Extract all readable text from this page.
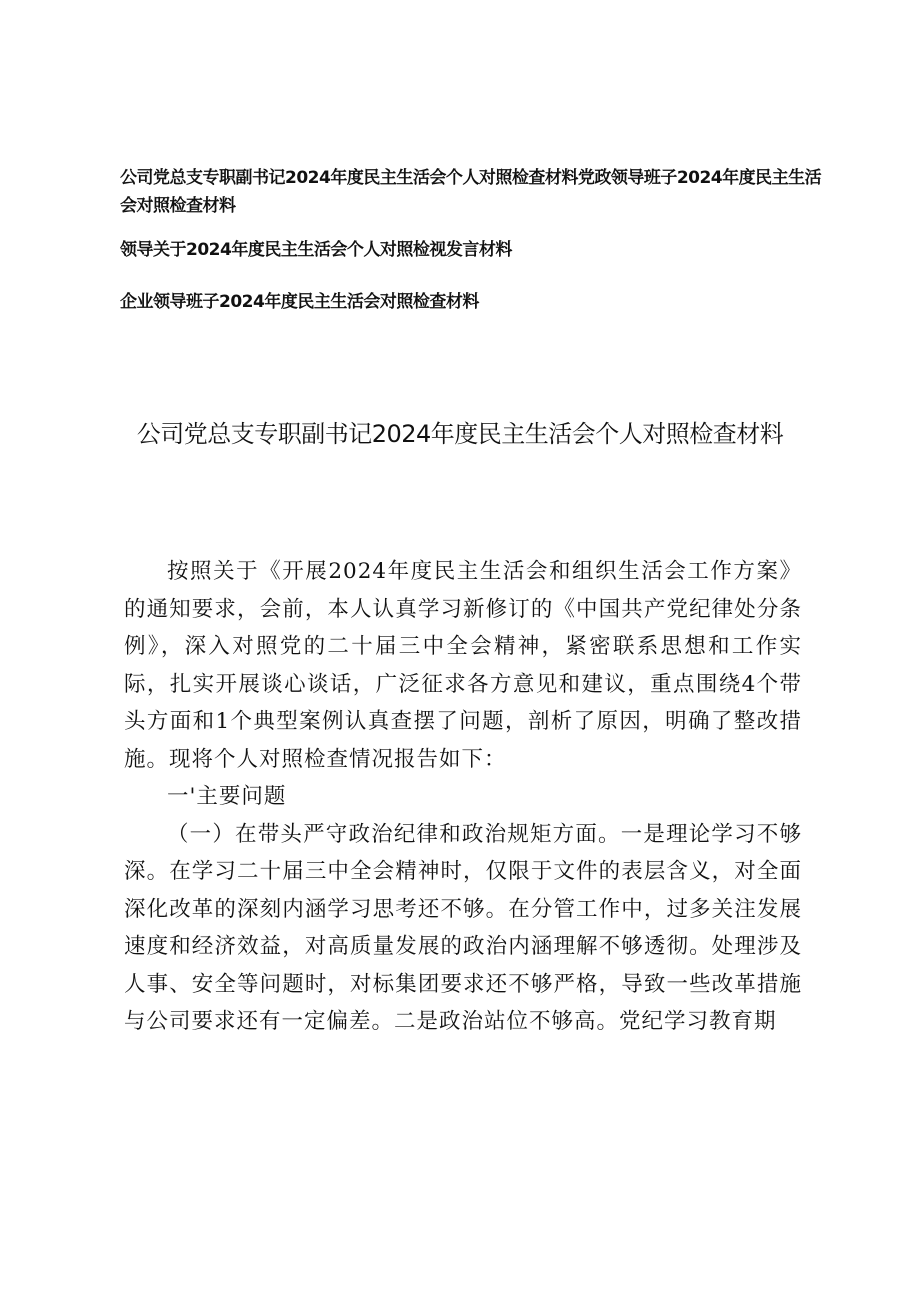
公司党总支专职副书记2024年度民主生活会个人对照检查材料党政领导班子2024年度民主生活会对照检查材料

领导关于2024年度民主生活会个人对照检视发言材料

企业领导班子2024年度民主生活会对照检查材料

公司党总支专职副书记2024年度民主生活会个人对照检查材料

按照关于《开展2024年度民主生活会和组织生活会工作方案》的通知要求，会前，本人认真学习新修订的《中国共产党纪律处分条例》，深入对照党的二十届三中全会精神，紧密联系思想和工作实际，扎实开展谈心谈话，广泛征求各方意见和建议，重点围绕4个带头方面和1个典型案例认真查摆了问题，剖析了原因，明确了整改措施。现将个人对照检查情况报告如下：

一'主要问题

（一）在带头严守政治纪律和政治规矩方面。一是理论学习不够深。在学习二十届三中全会精神时，仅限于文件的表层含义，对全面深化改革的深刻内涵学习思考还不够。在分管工作中，过多关注发展速度和经济效益，对高质量发展的政治内涵理解不够透彻。处理涉及人事、安全等问题时，对标集团要求还不够严格，导致一些改革措施与公司要求还有一定偏差。二是政治站位不够高。党纪学习教育期
